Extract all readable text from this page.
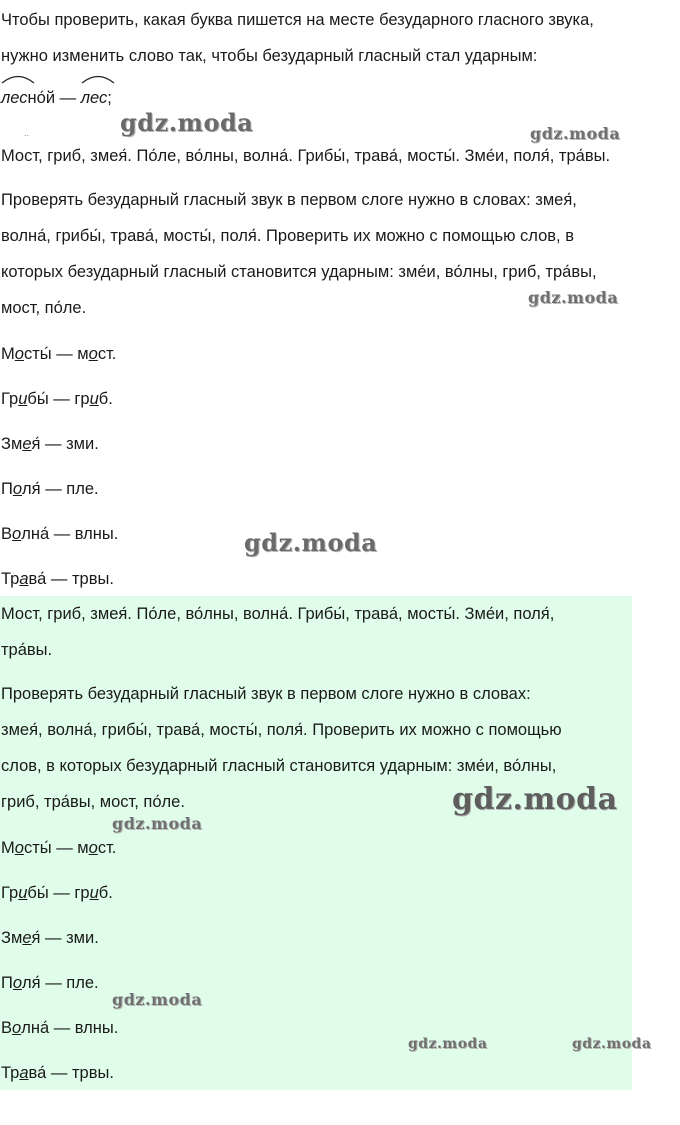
Чтобы проверить, какая буква пишется на месте безударного гласного звука,

нужно изменить слово так, чтобы безударный гласный стал ударным:

лесно́й — лес;

..

Мост, гриб, змея́. По́ле, во́лны, волна́. Грибы́, трава́, мосты́. Зме́и, поля́, тра́вы.

Проверять безударный гласный звук в первом слоге нужно в словах: змея́,

волна́, грибы́, трава́, мосты́, поля́. Проверить их можно с помощью слов, в

которых безударный гласный становится ударным: зме́и, во́лны, гриб, тра́вы,

мост, по́ле.

Мосты́ — мост.

Грибы́ — гриб.

Змея́ — зми.

Поля́ — пле.

Волна́ — влны.

Трава́ — трвы.

Мост, гриб, змея́. По́ле, во́лны, волна́. Грибы́, трава́, мосты́. Зме́и, поля́,

тра́вы.

Проверять безударный гласный звук в первом слоге нужно в словах:

змея́, волна́, грибы́, трава́, мосты́, поля́. Проверить их можно с помощью

слов, в которых безударный гласный становится ударным: зме́и, во́лны,

гриб, тра́вы, мост, по́ле.

Мосты́ — мост.

Грибы́ — гриб.

Змея́ — зми.

Поля́ — пле.

Волна́ — влны.

Трава́ — трвы.

gdz.moda	gdz.moda
gdz.moda
gdz.moda
gdz.moda
gdz.moda
gdz.moda
gdz.moda	gdz.moda
